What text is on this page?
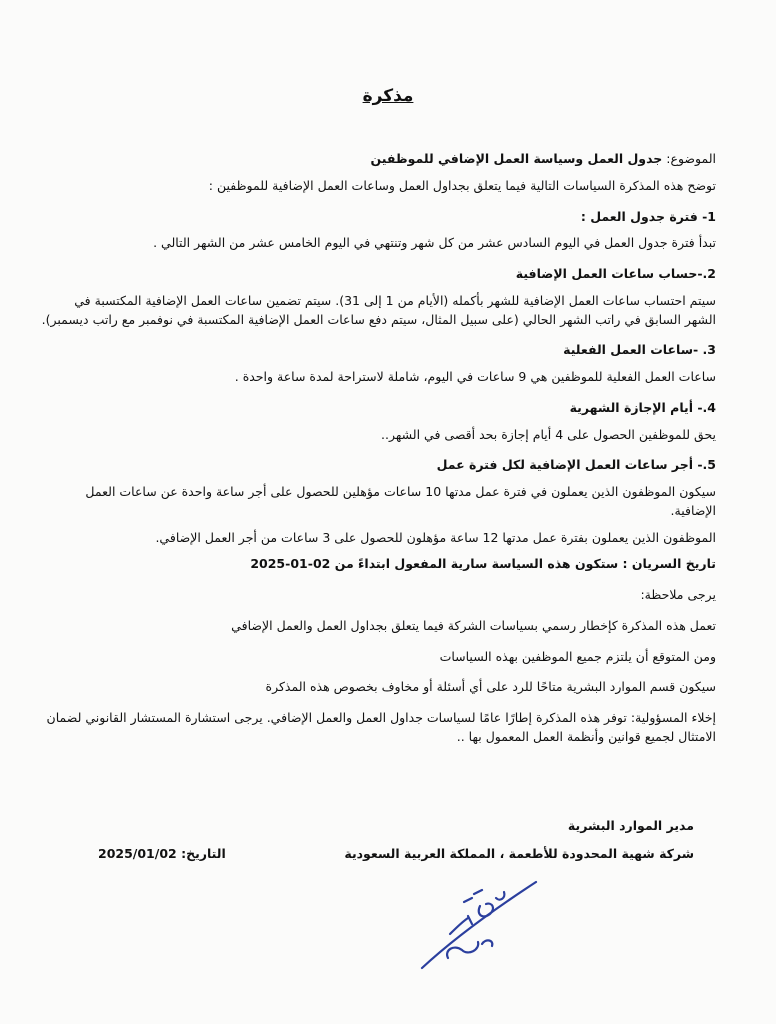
مذكرة

الموضوع: جدول العمل وسياسة العمل الإضافي للموظفين

توضح هذه المذكرة السياسات التالية فيما يتعلق بجداول العمل وساعات العمل الإضافية للموظفين :

1- فترة جدول العمل :

تبدأ فترة جدول العمل في اليوم السادس عشر من كل شهر وتنتهي في اليوم الخامس عشر من الشهر التالي .

2.-حساب ساعات العمل الإضافية

سيتم احتساب ساعات العمل الإضافية للشهر بأكمله (الأيام من 1 إلى 31). سيتم تضمين ساعات العمل الإضافية المكتسبة في الشهر السابق في راتب الشهر الحالي (على سبيل المثال، سيتم دفع ساعات العمل الإضافية المكتسبة في نوفمبر مع راتب ديسمبر).

3. -ساعات العمل الفعلية

ساعات العمل الفعلية للموظفين هي 9 ساعات في اليوم، شاملة لاستراحة لمدة ساعة واحدة .

4.- أيام الإجازة الشهرية

يحق للموظفين الحصول على 4 أيام إجازة بحد أقصى في الشهر..

5.- أجر ساعات العمل الإضافية لكل فترة عمل

سيكون الموظفون الذين يعملون في فترة عمل مدتها 10 ساعات مؤهلين للحصول على أجر ساعة واحدة عن ساعات العمل الإضافية.

الموظفون الذين يعملون بفترة عمل مدتها 12 ساعة مؤهلون للحصول على 3 ساعات من أجر العمل الإضافي.

تاريخ السريان : ستكون هذه السياسة سارية المفعول ابتداءً من 02-01-2025

يرجى ملاحظة:

تعمل هذه المذكرة كإخطار رسمي بسياسات الشركة فيما يتعلق بجداول العمل والعمل الإضافي

ومن المتوقع أن يلتزم جميع الموظفين بهذه السياسات

سيكون قسم الموارد البشرية متاحًا للرد على أي أسئلة أو مخاوف بخصوص هذه المذكرة

إخلاء المسؤولية: توفر هذه المذكرة إطارًا عامًا لسياسات جداول العمل والعمل الإضافي. يرجى استشارة المستشار القانوني لضمان الامتثال لجميع قوانين وأنظمة العمل المعمول بها ..

مدير الموارد البشرية
شركة شهية المحدودة للأطعمة ، المملكة العربية السعودية
التاريخ: 2025/01/02
